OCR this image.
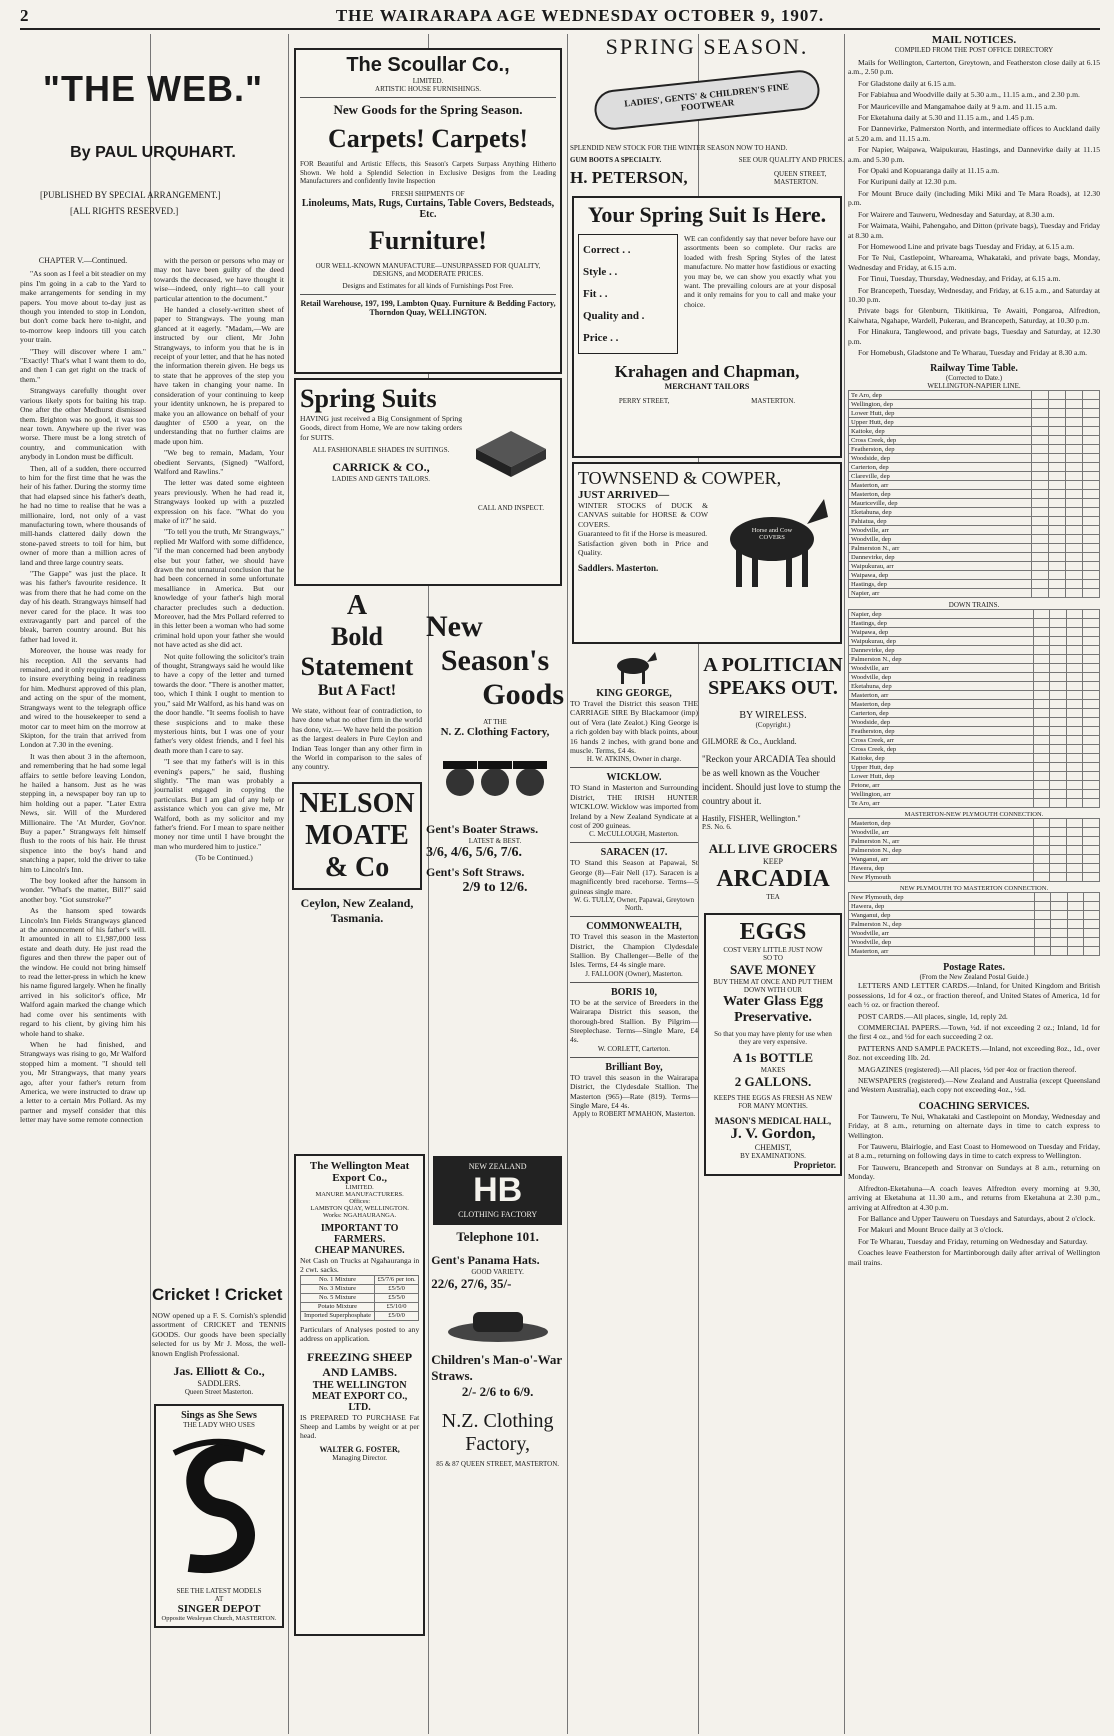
2	THE WAIRARAPA AGE WEDNESDAY OCTOBER 9, 1907.
"THE WEB."
By PAUL URQUHART.
[PUBLISHED BY SPECIAL ARRANGEMENT.]
[ALL RIGHTS RESERVED.]
CHAPTER V.—Continued.

"As soon as I feel a bit steadier on my pins I'm going in a cab to the Yard to make arrangements for sending in my papers. You move about to-day just as though you intended to stop in London, but don't come back here to-night, and to-morrow keep indoors till you catch your train.

"They will discover where I am." "Exactly! That's what I want them to do, and then I can get right on the track of them."

Strangways carefully thought over various likely spots for baiting his trap. One after the other Medhurst dismissed them. Brighton was no good, it was too near town. Anywhere up the river was worse. There must be a long stretch of country, and communication with anybody in London must be difficult.

Then, all of a sudden, there occurred to him for the first time that he was the heir of his father. During the stormy time that had elapsed since his father's death, he had no time to realise that he was a millionaire, lord, not only of a vast manufacturing town, where thousands of mill-hands clattered daily down the stone-paved streets to toil for him, but owner of more than a million acres of land and three large country seats.

"The Gappe" was just the place. It was his father's favourite residence. It was from there that he had come on the day of his death. Strangways himself had never cared for the place. It was too extravagantly part and parcel of the bleak, barren country around. But his father had loved it.

Moreover, the house was ready for his reception. All the servants had remained, and it only required a telegram to insure everything being in readiness for him. Medhurst approved of this plan, and acting on the spur of the moment, Strangways went to the telegraph office and wired to the housekeeper to send a motor car to meet him on the morrow at Skipton, for the train that arrived from London at 7.30 in the evening.

It was then about 3 in the afternoon, and remembering that he had some legal affairs to settle before leaving London, he hailed a hansom. Just as he was stepping in, a newspaper boy ran up to him holding out a paper. "Later Extra News, sir. Will of the Murdered Millionaire. The 'At Murder, Gov'nor. Buy a paper." Strangways felt himself flush to the roots of his hair. He thrust sixpence into the boy's hand and snatching a paper, told the driver to take him to Lincoln's Inn.

The boy looked after the hansom in wonder. "What's the matter, Bill?" said another boy. "Got sunstroke?"

As the hansom sped towards Lincoln's Inn Fields Strangways glanced at the announcement of his father's will. It amounted in all to £1,987,000 less estate and death duty. He just read the figures and then threw the paper out of the window. He could not bring himself to read the letter-press in which he knew his name figured largely. When he finally arrived in his solicitor's office, Mr Walford again marked the change which had come over his sentiments with regard to his client, by giving him his whole hand to shake.

When he had finished, and Strangways was rising to go, Mr Walford stopped him a moment. "I should tell you, Mr Strangways, that many years ago, after your father's return from America, we were instructed to draw up a letter to a certain Mrs Pollard. As my partner and myself consider that this letter may have some remote connection

with the person or persons who may or may not have been guilty of the deed towards the deceased, we have thought it wise—indeed, only right—to call your particular attention to the document."

He handed a closely-written sheet of paper to Strangways. The young man glanced at it eagerly. "Madam,—We are instructed by our client, Mr John Strangways, to inform you that he is in receipt of your letter, and that he has noted the information therein given. He begs us to state that he approves of the step you have taken in changing your name. In consideration of your continuing to keep your identity unknown, he is prepared to make you an allowance on behalf of your daughter of £500 a year, on the understanding that no further claims are made upon him.

"We beg to remain, Madam, Your obedient Servants, (Signed) "Walford, Walford and Rawlins."

The letter was dated some eighteen years previously. When he had read it, Strangways looked up with a puzzled expression on his face. "What do you make of it?" he said.

"To tell you the truth, Mr Strangways," replied Mr Walford with some diffidence, "if the man concerned had been anybody else but your father, we should have drawn the not unnatural conclusion that he had been concerned in some unfortunate mesalliance in America. But our knowledge of your father's high moral character precludes such a deduction. Moreover, had the Mrs Pollard referred to in this letter been a woman who had some criminal hold upon your father she would not have acted as she did act.

Not quite following the solicitor's train of thought, Strangways said he would like to have a copy of the letter and turned towards the door. "There is another matter, too, which I think I ought to mention to you," said Mr Walford, as his hand was on the door handle. "It seems foolish to have these suspicions and to make these mysterious hints, but I was one of your father's very oldest friends, and I feel his death more than I care to say.

"I see that my father's will is in this evening's papers," he said, flushing slightly. "The man was probably a journalist engaged in copying the particulars. But I am glad of any help or assistance which you can give me, Mr Walford, both as my solicitor and my father's friend. For I mean to spare neither money nor time until I have brought the man who murdered him to justice."

(To be Continued.)

Cricket ! Cricket
NOW opened up a F. S. Cornish's splendid assortment of CRICKET and TENNIS GOODS. Our goods have been specially selected for us by Mr J. Moss, the well-known English Professional.
Jas. Elliott & Co.,
SADDLERS.
Queen Street Masterton.
Sings as She Sews
THE LADY WHO USES
SEE THE LATEST MODELS
AT
SINGER DEPOT
Opposite Wesleyan Church, MASTERTON.
The Scoullar Co.,
LIMITED.
ARTISTIC HOUSE FURNISHINGS.
New Goods for the Spring Season.
Carpets! Carpets!
FOR Beautiful and Artistic Effects, this Season's Carpets Surpass Anything Hitherto Shown. We hold a Splendid Selection in Exclusive Designs from the Leading Manufacturers and confidently Invite Inspection
FRESH SHIPMENTS OF
Linoleums, Mats, Rugs, Curtains, Table Covers, Bedsteads, Etc.
Furniture!
OUR WELL-KNOWN MANUFACTURE—UNSURPASSED FOR QUALITY, DESIGNS, and MODERATE PRICES.
Designs and Estimates for all kinds of Furnishings Post Free.
Retail Warehouse, 197, 199, Lambton Quay. Furniture & Bedding Factory, Thorndon Quay, WELLINGTON.
Spring Suits
HAVING just received a Big Consignment of Spring Goods, direct from Home, We are now taking orders for SUITS.
ALL FASHIONABLE SHADES IN SUITINGS.
CARRICK & CO.,
LADIES AND GENTS TAILORS.
CALL AND INSPECT.
A
Bold
Statement
But A Fact!
We state, without fear of contradiction, to have done what no other firm in the world has done, viz.— We have held the position as the largest dealers in Pure Ceylon and Indian Teas longer than any other firm in the World in comparison to the sales of any country.
NELSON MOATE & Co
Ceylon, New Zealand, Tasmania.
New
Season's
Goods
AT THE
N. Z. Clothing Factory,
Gent's Boater Straws.
LATEST & BEST.
3/6, 4/6, 5/6, 7/6.
Gent's Soft Straws.
2/9 to 12/6.
The Wellington Meat Export Co.,
LIMITED.
MANURE MANUFACTURERS.
Offices:
LAMBTON QUAY, WELLINGTON.
Works: NGAHAURANGA.
IMPORTANT TO FARMERS.
CHEAP MANURES.
Net Cash on Trucks at Ngahauranga in 2 cwt. sacks.
No. 1 Mixture	£5/7/6 per ton.
No. 3 Mixture	£5/5/0
No. 5 Mixture	£5/5/0
Potato Mixture	£5/10/0
Imported Superphosphate	£5/0/0
Particulars of Analyses posted to any address on application.
FREEZING SHEEP AND LAMBS.
THE WELLINGTON MEAT EXPORT CO., LTD.
IS PREPARED TO PURCHASE Fat Sheep and Lambs by weight or at per head.
WALTER G. FOSTER,
Managing Director.
NEW ZEALAND
HB
CLOTHING FACTORY
Telephone 101.
Gent's Panama Hats.
GOOD VARIETY.
22/6, 27/6, 35/-
Children's Man-o'-War Straws.
2/- 2/6 to 6/9.
N.Z. Clothing
Factory,
85 & 87 QUEEN STREET, MASTERTON.
SPRING SEASON.
LADIES', GENTS' & CHILDREN'S FINE FOOTWEAR
SPLENDID NEW STOCK FOR THE WINTER SEASON NOW TO HAND.
GUM BOOTS A SPECIALTY.	SEE OUR QUALITY AND PRICES.
H. PETERSON,	QUEEN STREET, MASTERTON.
Your Spring Suit Is Here.
Correct . .
Style . .
Fit . .
Quality and .
Price . .
WE can confidently say that never before have our assortments been so complete. Our racks are loaded with fresh Spring Styles of the latest manufacture. No matter how fastidious or exacting you may be, we can show you exactly what you want. The prevailing colours are at your disposal and it only remains for you to call and make your choice.
Krahagen and Chapman,
MERCHANT TAILORS
PERRY STREET,	MASTERTON.
TOWNSEND & COWPER,
JUST ARRIVED—
WINTER STOCKS of DUCK & CANVAS suitable for HORSE & COW COVERS.
Guaranteed to fit if the Horse is measured.
Satisfaction given both in Price and Quality.
Saddlers. Masterton.
Horse and Cow COVERS
KING GEORGE,
TO Travel the District this season THE CARRIAGE SIRE By Blackamoor (imp) out of Vera (late Zealot.) King George is a rich golden bay with black points, about 16 hands 2 inches, with grand bone and muscle. Terms, £4 4s.
H. W. ATKINS, Owner in charge.
WICKLOW.
TO Stand in Masterton and Surrounding District, THE IRISH HUNTER WICKLOW. Wicklow was imported from Ireland by a New Zealand Syndicate at a cost of 200 guineas.
C. McCULLOUGH, Masterton.
SARACEN (17.
TO Stand this Season at Papawai, St George (8)—Fair Nell (17). Saracen is a magnificently bred racehorse. Terms—5 guineas single mare.
W. G. TULLY, Owner, Papawai, Greytown North.
COMMONWEALTH,
TO Travel this season in the Masterton District, the Champion Clydesdale Stallion. By Challenger—Belle of the Isles. Terms, £4 4s single mare.
J. FALLOON (Owner), Masterton.
BORIS 10,
TO be at the service of Breeders in the Wairarapa District this season, the thorough-bred Stallion. By Pilgrim—Steeplechase. Terms—Single Mare, £4 4s.
W. CORLETT, Carterton.
Brilliant Boy,
TO travel this season in the Wairarapa District, the Clydesdale Stallion. The Masterton (965)—Rate (819). Terms—Single Mare, £4 4s.
Apply to ROBERT M'MAHON, Masterton.
A POLITICIAN SPEAKS OUT.
BY WIRELESS.
(Copyright.)
GILMORE & Co., Auckland.
"Reckon your ARCADIA Tea should be as well known as the Voucher incident. Should just love to stump the country about it.
Hastily, FISHER, Wellington."
P.S. No. 6.
ALL LIVE GROCERS
KEEP
ARCADIA
TEA
EGGS
COST VERY LITTLE JUST NOW
SO TO
SAVE MONEY
BUY THEM AT ONCE AND PUT THEM DOWN WITH OUR
Water Glass Egg Preservative.
So that you may have plenty for use when they are very expensive.
A 1s BOTTLE
MAKES
2 GALLONS.
KEEPS THE EGGS AS FRESH AS NEW FOR MANY MONTHS.
MASON'S MEDICAL HALL,
J. V. Gordon,
CHEMIST,
BY EXAMINATIONS.
Proprietor.
MAIL NOTICES.
COMPILED FROM THE POST OFFICE DIRECTORY

Mails for Wellington, Carterton, Greytown, and Featherston close daily at 6.15 a.m., 2.50 p.m.

For Gladstone daily at 6.15 a.m.

For Fabiahua and Woodville daily at 5.30 a.m., 11.15 a.m., and 2.30 p.m.

For Mauriceville and Mangamahoe daily at 9 a.m. and 11.15 a.m.

For Eketahuna daily at 5.30 and 11.15 a.m., and 1.45 p.m.

For Dannevirke, Palmerston North, and intermediate offices to Auckland daily at 5.20 a.m. and 11.15 a.m.

For Napier, Waipawa, Waipukurau, Hastings, and Dannevirke daily at 11.15 a.m. and 5.30 p.m.

For Opaki and Kopuaranga daily at 11.15 a.m.

For Kuripuni daily at 12.30 p.m.

For Mount Bruce daily (including Miki Miki and Te Mara Roads), at 12.30 p.m.

For Wairere and Tauweru, Wednesday and Saturday, at 8.30 a.m.

For Waimata, Waihi, Pahengaho, and Ditton (private bags), Tuesday and Friday at 8.30 a.m.

For Homewood Line and private bags Tuesday and Friday, at 6.15 a.m.

For Te Nui, Castlepoint, Whareama, Whakataki, and private bags, Monday, Wednesday and Friday, at 6.15 a.m.

For Tinui, Tuesday, Thursday, Wednesday, and Friday, at 6.15 a.m.

For Brancepeth, Tuesday, Wednesday, and Friday, at 6.15 a.m., and Saturday at 10.30 p.m.

Private bags for Glenburn, Tikitikirua, Te Awaiti, Pongaroa, Alfredton, Kaiwhata, Ngahape, Wardell, Pukerau, and Brancepeth, Saturday, at 10.30 p.m.

For Hinakura, Tanglewood, and private bags, Tuesday and Saturday, at 12.30 p.m.

For Homebush, Gladstone and Te Wharau, Tuesday and Friday at 8.30 a.m.

Railway Time Table.
(Corrected to Date.)
WELLINGTON-NAPIER LINE.
Te Aro, dep				
Wellington, dep				
Lower Hutt, dep				
Upper Hutt, dep				
Kaitoke, dep				
Cross Creek, dep				
Featherston, dep				
Woodside, dep				
Carterton, dep				
Clareville, dep				
Masterton, arr				
Masterton, dep				
Mauriceville, dep				
Eketahuna, dep				
Pahiatua, dep				
Woodville, arr				
Woodville, dep				
Palmerston N., arr				
Dannevirke, dep				
Waipukurau, arr				
Waipawa, dep				
Hastings, dep				
Napier, arr				
DOWN TRAINS.
Napier, dep				
Hastings, dep				
Waipawa, dep				
Waipukurau, dep				
Dannevirke, dep				
Palmerston N., dep				
Woodville, arr				
Woodville, dep				
Eketahuna, dep				
Masterton, arr				
Masterton, dep				
Carterton, dep				
Woodside, dep				
Featherston, dep				
Cross Creek, arr				
Cross Creek, dep				
Kaitoke, dep				
Upper Hutt, dep				
Lower Hutt, dep				
Petone, arr				
Wellington, arr				
Te Aro, arr				
MASTERTON-NEW PLYMOUTH CONNECTION.
Masterton, dep				
Woodville, arr				
Palmerston N., arr				
Palmerston N., dep				
Wanganui, arr				
Hawera, dep				
New Plymouth				
NEW PLYMOUTH TO MASTERTON CONNECTION.
New Plymouth, dep				
Hawera, dep				
Wanganui, dep				
Palmerston N., dep				
Woodville, arr				
Woodville, dep				
Masterton, arr				
Postage Rates.
(From the New Zealand Postal Guide.)

LETTERS AND LETTER CARDS.—Inland, for United Kingdom and British possessions, 1d for 4 oz., or fraction thereof, and United States of America, 1d for each ½ oz. or fraction thereof.

POST CARDS.—All places, single, 1d, reply 2d.

COMMERCIAL PAPERS.—Town, ½d. if not exceeding 2 oz.; Inland, 1d for the first 4 oz., and ½d for each succeeding 2 oz.

PATTERNS AND SAMPLE PACKETS.—Inland, not exceeding 8oz., 1d., over 8oz. not exceeding 1lb. 2d.

MAGAZINES (registered).—All places, ½d per 4oz or fraction thereof.

NEWSPAPERS (registered).—New Zealand and Australia (except Queensland and Western Australia), each copy not exceeding 4oz., ½d.

COACHING SERVICES.

For Tauweru, Te Nui, Whakataki and Castlepoint on Monday, Wednesday and Friday, at 8 a.m., returning on alternate days in time to catch express to Wellington.

For Tauweru, Blairlogie, and East Coast to Homewood on Tuesday and Friday, at 8 a.m., returning on following days in time to catch express to Wellington.

For Tauweru, Brancepeth and Stronvar on Sundays at 8 a.m., returning on Monday.

Alfredton-Eketahuna—A coach leaves Alfredton every morning at 9.30, arriving at Eketahuna at 11.30 a.m., and returns from Eketahuna at 2.30 p.m., arriving at Alfredton at 4.30 p.m.

For Ballance and Upper Tauweru on Tuesdays and Saturdays, about 2 o'clock.

For Makuri and Mount Bruce daily at 3 o'clock.

For Te Wharau, Tuesday and Friday, returning on Wednesday and Saturday.

Coaches leave Featherston for Martinborough daily after arrival of Wellington mail trains.
